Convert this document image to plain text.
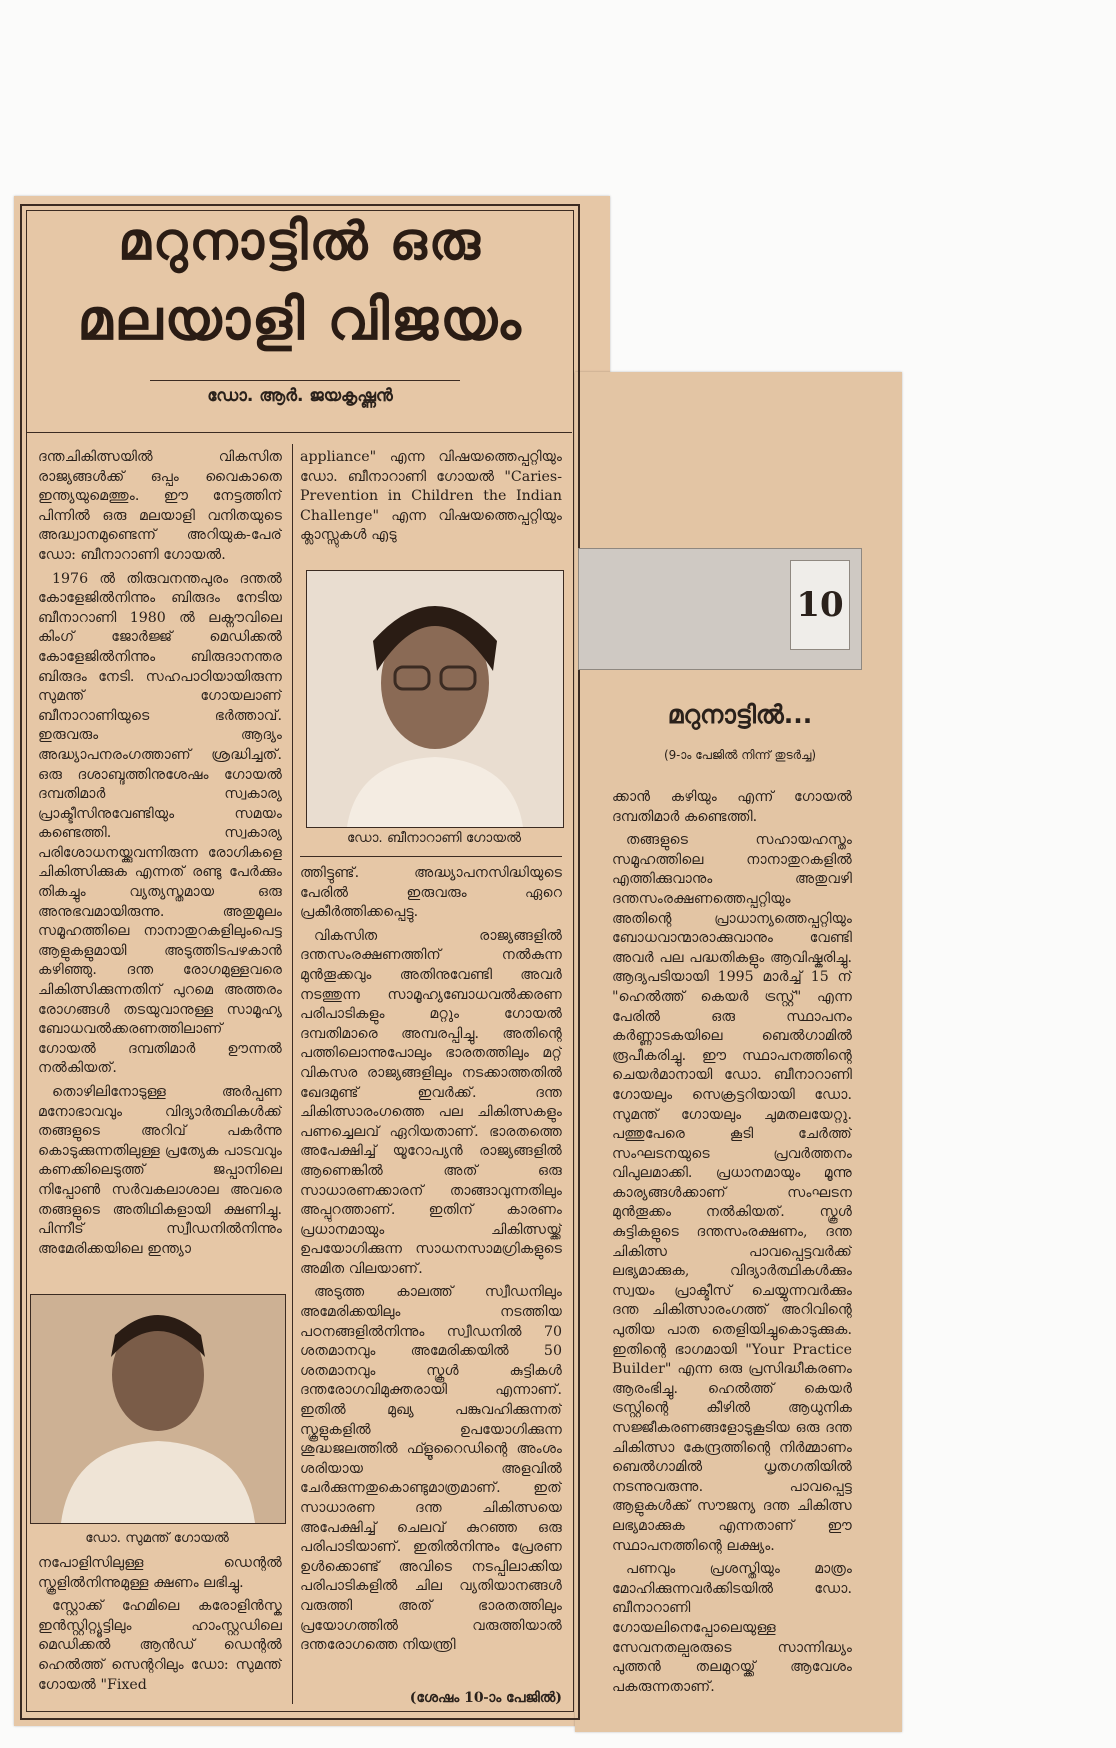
മറുനാട്ടിൽ ഒരു
മലയാളി വിജയം
ഡോ. ആർ. ജയകൃഷ്ണൻ

ദന്തചികിത്സയിൽ വികസിത രാജ്യങ്ങൾക്ക് ഒപ്പം വൈകാതെ ഇന്ത്യയുമെത്തും. ഈ നേട്ടത്തിന് പിന്നിൽ ഒരു മലയാളി വനിതയുടെ അദ്ധ്വാനമുണ്ടെന്ന് അറിയുക-പേര് ഡോ: ബീനാറാണി ഗോയൽ.

1976 ൽ തിരുവനന്തപുരം ദന്തൽ കോളേജിൽനിന്നും ബിരുദം നേടിയ ബീനാറാണി 1980 ൽ ലക്നൗവിലെ കിംഗ് ജോർജ്ജ് മെഡിക്കൽ കോളേജിൽനിന്നും ബിരുദാനന്തര ബിരുദം നേടി. സഹപാഠിയായിരുന്ന സുമന്ത് ഗോയലാണ് ബീനാറാണിയുടെ ഭർത്താവ്. ഇരുവരും ആദ്യം അദ്ധ്യാപനരംഗത്താണ് ശ്രദ്ധിച്ചത്. ഒരു ദശാബ്ദത്തിനുശേഷം ഗോയൽ ദമ്പതിമാർ സ്വകാര്യ പ്രാക്ടീസിനുവേണ്ടിയും സമയം കണ്ടെത്തി. സ്വകാര്യ പരിശോധനയ്ക്കുവന്നിരുന്ന രോഗികളെ ചികിത്സിക്കുക എന്നത് രണ്ടു പേർക്കും തികച്ചും വ്യത്യസ്തമായ ഒരു അനുഭവമായിരുന്നു. അതുമൂലം സമൂഹത്തിലെ നാനാതുറകളിലുംപെട്ട ആളുകളുമായി അടുത്തിടപഴകാൻ കഴിഞ്ഞു. ദന്ത രോഗമുള്ളവരെ ചികിത്സിക്കുന്നതിന് പുറമെ അത്തരം രോഗങ്ങൾ തടയുവാനുള്ള സാമൂഹ്യ ബോധവൽക്കരണത്തിലാണ് ഗോയൽ ദമ്പതിമാർ ഊന്നൽ നൽകിയത്.

തൊഴിലിനോടുള്ള അർപ്പണ മനോഭാവവും വിദ്യാർത്ഥികൾക്ക് തങ്ങളുടെ അറിവ് പകർന്നു കൊടുക്കുന്നതിലുള്ള പ്രത്യേക പാടവവും കണക്കിലെടുത്ത് ജപ്പാനിലെ നിപ്പോൺ സർവകലാശാല അവരെ തങ്ങളുടെ അതിഥികളായി ക്ഷണിച്ചു. പിന്നീട് സ്വീഡനിൽനിന്നും അമേരിക്കയിലെ ഇന്ത്യാ

ഡോ. സുമന്ത് ഗോയൽ

നപോളിസിലുള്ള ഡെന്റൽ സ്കൂളിൽനിന്നുമുള്ള ക്ഷണം ലഭിച്ചു.

സ്റ്റോക്ക് ഹേമിലെ കരോളിൻസ്ക ഇൻസ്റ്റിറ്റ്യൂട്ടിലും ഹാംസ്റ്റഡിലെ മെഡിക്കൽ ആൻഡ് ഡെന്റൽ ഹെൽത്ത് സെന്ററിലും ഡോ: സുമന്ത് ഗോയൽ "Fixed

appliance" എന്ന വിഷയത്തെപ്പറ്റിയും ഡോ. ബീനാറാണി ഗോയൽ "Caries-Prevention in Children the Indian Challenge" എന്ന വിഷയത്തെപ്പറ്റിയും ക്ലാസ്സുകൾ എടു

ഡോ. ബീനാറാണി ഗോയൽ

ത്തിട്ടുണ്ട്. അദ്ധ്യാപനസിദ്ധിയുടെ പേരിൽ ഇരുവരും ഏറെ പ്രകീർത്തിക്കപ്പെട്ടു.

വികസിത രാജ്യങ്ങളിൽ ദന്തസംരക്ഷണത്തിന് നൽകുന്ന മുൻതൂക്കവും അതിനുവേണ്ടി അവർ നടത്തുന്ന സാമൂഹ്യബോധവൽക്കരണ പരിപാടികളും മറ്റും ഗോയൽ ദമ്പതിമാരെ അമ്പരപ്പിച്ചു. അതിന്റെ പത്തിലൊന്നുപോലും ഭാരതത്തിലും മറ്റ് വികസര രാജ്യങ്ങളിലും നടക്കാത്തതിൽ ഖേദമുണ്ട് ഇവർക്ക്. ദന്ത ചികിത്സാരംഗത്തെ പല ചികിത്സകളും പണച്ചെലവ് ഏറിയതാണ്. ഭാരതത്തെ അപേക്ഷിച്ച് യൂറോപ്യൻ രാജ്യങ്ങളിൽ ആണെങ്കിൽ അത് ഒരു സാധാരണക്കാരന് താങ്ങാവുന്നതിലും അപ്പുറത്താണ്. ഇതിന് കാരണം പ്രധാനമായും ചികിത്സയ്ക്ക് ഉപയോഗിക്കുന്ന സാധനസാമഗ്രികളുടെ അമിത വിലയാണ്.

അടുത്ത കാലത്ത് സ്വീഡനിലും അമേരിക്കയിലും നടത്തിയ പഠനങ്ങളിൽനിന്നും സ്വീഡനിൽ 70 ശതമാനവും അമേരിക്കയിൽ 50 ശതമാനവും സ്കൂൾ കുട്ടികൾ ദന്തരോഗവിമുക്തരായി എന്നാണ്. ഇതിൽ മുഖ്യ പങ്കുവഹിക്കുന്നത് സ്കൂളുകളിൽ ഉപയോഗിക്കുന്ന ശുദ്ധജലത്തിൽ ഫ്ളൂറൈഡിന്റെ അംശം ശരിയായ അളവിൽ ചേർക്കുന്നതുകൊണ്ടുമാത്രമാണ്. ഇത് സാധാരണ ദന്ത ചികിത്സയെ അപേക്ഷിച്ച് ചെലവ് കുറഞ്ഞ ഒരു പരിപാടിയാണ്. ഇതിൽനിന്നും പ്രേരണ ഉൾക്കൊണ്ട് അവിടെ നടപ്പിലാക്കിയ പരിപാടികളിൽ ചില വ്യതിയാനങ്ങൾ വരുത്തി അത് ഭാരതത്തിലും പ്രയോഗത്തിൽ വരുത്തിയാൽ ദന്തരോഗത്തെ നിയന്ത്രി

(ശേഷം 10-ാം പേജിൽ)
10
മറുനാട്ടിൽ...
(9-ാം പേജിൽ നിന്ന് തുടർച്ച)

ക്കാൻ കഴിയും എന്ന് ഗോയൽ ദമ്പതിമാർ കണ്ടെത്തി.

തങ്ങളുടെ സഹായഹസ്തം സമൂഹത്തിലെ നാനാതുറകളിൽ എത്തിക്കുവാനും അതുവഴി ദന്തസംരക്ഷണത്തെപ്പറ്റിയും അതിന്റെ പ്രാധാന്യത്തെപ്പറ്റിയും ബോധവാന്മാരാക്കുവാനും വേണ്ടി അവർ പല പദ്ധതികളും ആവിഷ്കരിച്ചു. ആദ്യപടിയായി 1995 മാർച്ച് 15 ന് "ഹെൽത്ത് കെയർ ട്രസ്റ്റ്" എന്ന പേരിൽ ഒരു സ്ഥാപനം കർണ്ണാടകയിലെ ബെൽഗാമിൽ രൂപീകരിച്ചു. ഈ സ്ഥാപനത്തിന്റെ ചെയർമാനായി ഡോ. ബീനാറാണി ഗോയലും സെക്രട്ടറിയായി ഡോ. സുമന്ത് ഗോയലും ചുമതലയേറ്റു. പത്തുപേരെ കൂടി ചേർത്ത് സംഘടനയുടെ പ്രവർത്തനം വിപുലമാക്കി. പ്രധാനമായും മൂന്നു കാര്യങ്ങൾക്കാണ് സംഘടന മുൻതൂക്കം നൽകിയത്. സ്കൂൾ കുട്ടികളുടെ ദന്തസംരക്ഷണം, ദന്ത ചികിത്സ പാവപ്പെട്ടവർക്ക് ലഭ്യമാക്കുക, വിദ്യാർത്ഥികൾക്കും സ്വയം പ്രാക്ടീസ് ചെയ്യുന്നവർക്കും ദന്ത ചികിത്സാരംഗത്ത് അറിവിന്റെ പുതിയ പാത തെളിയിച്ചുകൊടുക്കുക. ഇതിന്റെ ഭാഗമായി "Your Practice Builder" എന്ന ഒരു പ്രസിദ്ധീകരണം ആരംഭിച്ചു. ഹെൽത്ത് കെയർ ട്രസ്റ്റിന്റെ കീഴിൽ ആധുനിക സജ്ജീകരണങ്ങളോടുകൂടിയ ഒരു ദന്ത ചികിത്സാ കേന്ദ്രത്തിന്റെ നിർമ്മാണം ബെൽഗാമിൽ ധൃതഗതിയിൽ നടന്നുവരുന്നു. പാവപ്പെട്ട ആളുകൾക്ക് സൗജന്യ ദന്ത ചികിത്സ ലഭ്യമാക്കുക എന്നതാണ് ഈ സ്ഥാപനത്തിന്റെ ലക്ഷ്യം.

പണവും പ്രശസ്തിയും മാത്രം മോഹിക്കുന്നവർക്കിടയിൽ ഡോ. ബീനാറാണി ഗോയലിനെപ്പോലെയുള്ള സേവനതല്പരരുടെ സാന്നിദ്ധ്യം പുത്തൻ തലമുറയ്ക്ക് ആവേശം പകരുന്നതാണ്.
